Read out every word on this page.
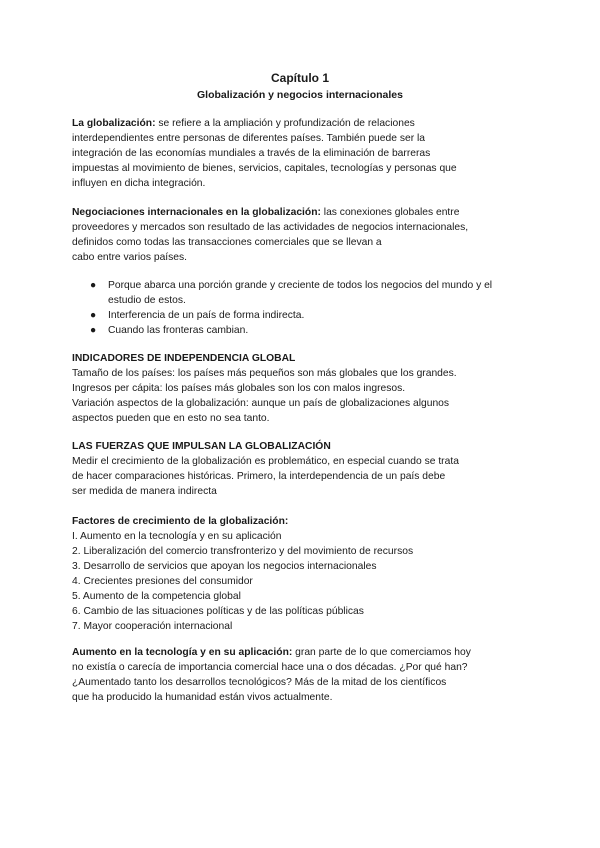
Capítulo 1
Globalización y negocios internacionales
La globalización: se refiere a la ampliación y profundización de relaciones
interdependientes entre personas de diferentes países. También puede ser la
integración de las economías mundiales a través de la eliminación de barreras
impuestas al movimiento de bienes, servicios, capitales, tecnologías y personas que
influyen en dicha integración.
Negociaciones internacionales en la globalización: las conexiones globales entre
proveedores y mercados son resultado de las actividades de negocios internacionales,
definidos como todas las transacciones comerciales que se llevan a
cabo entre varios países.
● Porque abarca una porción grande y creciente de todos los negocios del mundo y el
estudio de estos.
● Interferencia de un país de forma indirecta.
● Cuando las fronteras cambian.
INDICADORES DE INDEPENDENCIA GLOBAL
Tamaño de los países: los países más pequeños son más globales que los grandes.
Ingresos per cápita: los países más globales son los con malos ingresos.
Variación aspectos de la globalización: aunque un país de globalizaciones algunos
aspectos pueden que en esto no sea tanto.
LAS FUERZAS QUE IMPULSAN LA GLOBALIZACIÓN
Medir el crecimiento de la globalización es problemático, en especial cuando se trata
de hacer comparaciones históricas. Primero, la interdependencia de un país debe
ser medida de manera indirecta
Factores de crecimiento de la globalización:
I. Aumento en la tecnología y en su aplicación
2. Liberalización del comercio transfronterizo y del movimiento de recursos
3. Desarrollo de servicios que apoyan los negocios internacionales
4. Crecientes presiones del consumidor
5. Aumento de la competencia global
6. Cambio de las situaciones políticas y de las políticas públicas
7. Mayor cooperación internacional
Aumento en la tecnología y en su aplicación: gran parte de lo que comerciamos hoy
no existía o carecía de importancia comercial hace una o dos décadas. ¿Por qué han?
¿Aumentado tanto los desarrollos tecnológicos? Más de la mitad de los científicos
que ha producido la humanidad están vivos actualmente.
